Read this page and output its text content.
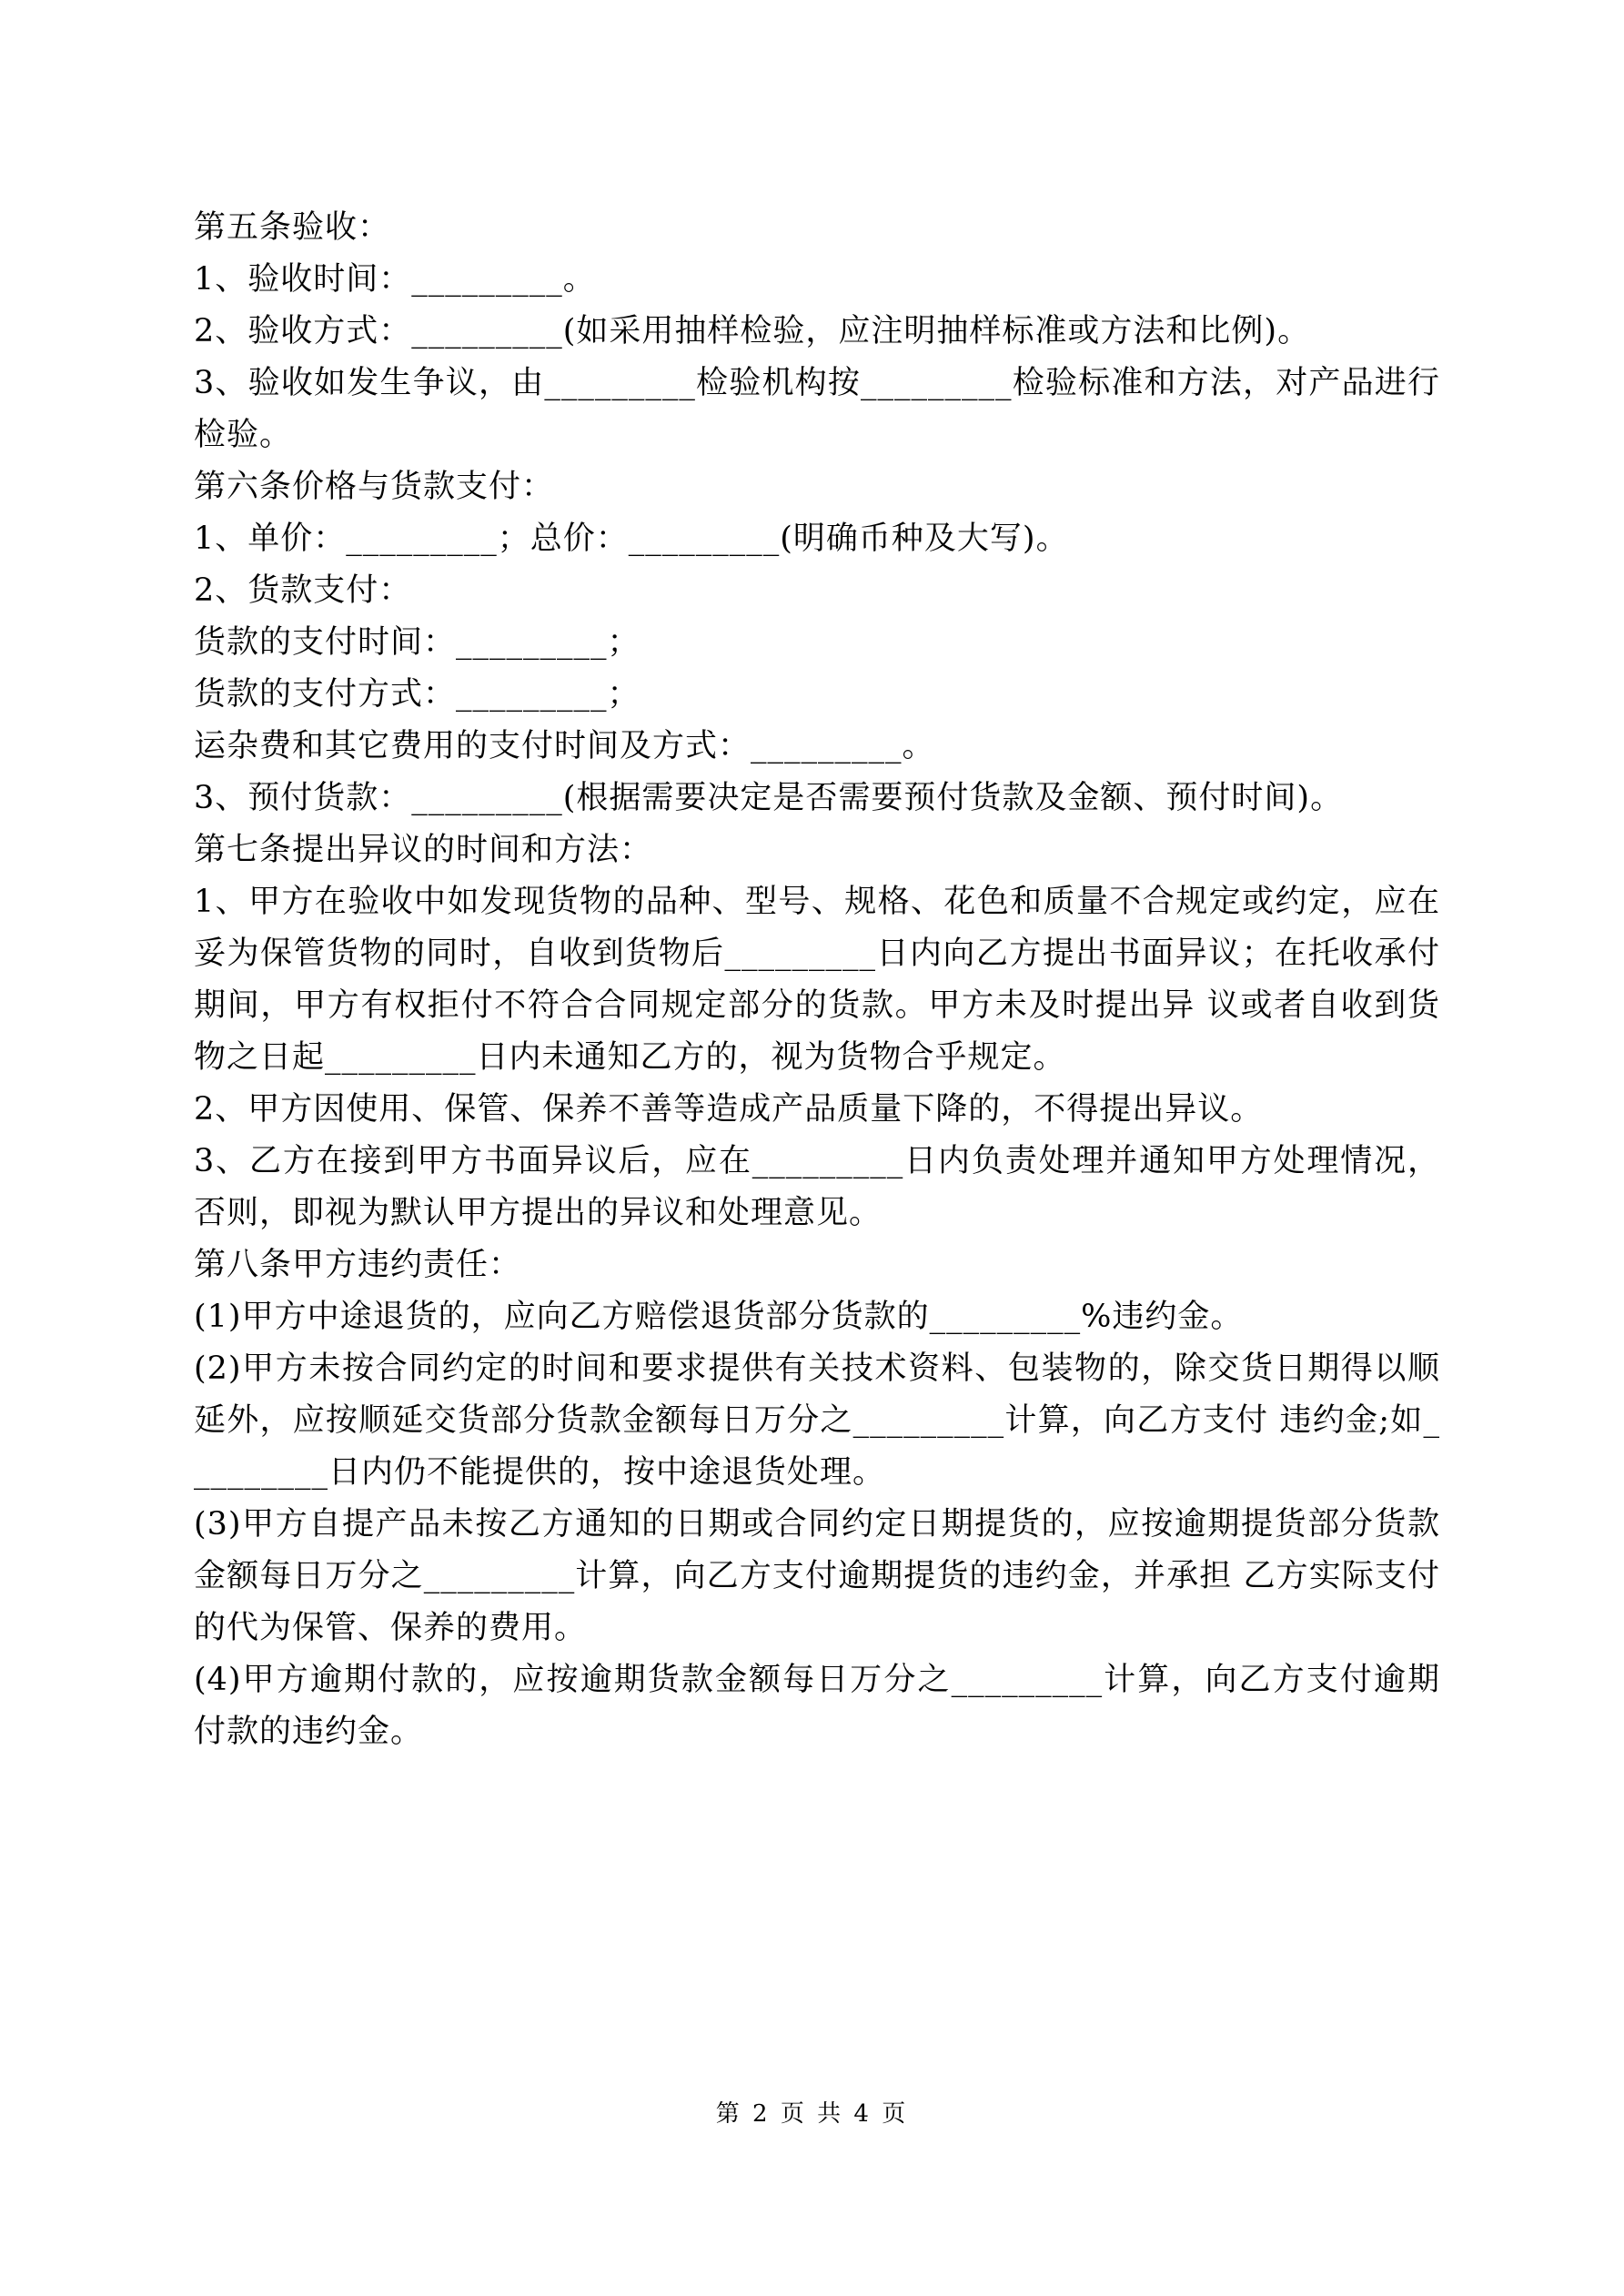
第五条验收：

1、验收时间：_________。

2、验收方式：_________(如采用抽样检验，应注明抽样标准或方法和比例)。

3、验收如发生争议，由_________检验机构按_________检验标准和方法，对产品进行检验。

第六条价格与货款支付：

1、单价：_________；总价：_________(明确币种及大写)。

2、货款支付：

货款的支付时间：_________；

货款的支付方式：_________；

运杂费和其它费用的支付时间及方式：_________。

3、预付货款：_________(根据需要决定是否需要预付货款及金额、预付时间)。

第七条提出异议的时间和方法：

1、甲方在验收中如发现货物的品种、型号、规格、花色和质量不合规定或约定，应在妥为保管货物的同时，自收到货物后_________日内向乙方提出书面异议；在托收承付期间，甲方有权拒付不符合合同规定部分的货款。甲方未及时提出异 议或者自收到货物之日起_________日内未通知乙方的，视为货物合乎规定。

2、甲方因使用、保管、保养不善等造成产品质量下降的，不得提出异议。

3、乙方在接到甲方书面异议后，应在_________日内负责处理并通知甲方处理情况，否则，即视为默认甲方提出的异议和处理意见。

第八条甲方违约责任：

(1)甲方中途退货的，应向乙方赔偿退货部分货款的_________%违约金。

(2)甲方未按合同约定的时间和要求提供有关技术资料、包装物的，除交货日期得以顺延外，应按顺延交货部分货款金额每日万分之_________计算，向乙方支付 违约金;如_________日内仍不能提供的，按中途退货处理。

(3)甲方自提产品未按乙方通知的日期或合同约定日期提货的，应按逾期提货部分货款金额每日万分之_________计算，向乙方支付逾期提货的违约金，并承担 乙方实际支付的代为保管、保养的费用。

(4)甲方逾期付款的，应按逾期货款金额每日万分之_________计算，向乙方支付逾期付款的违约金。

第 2 页 共 4 页
